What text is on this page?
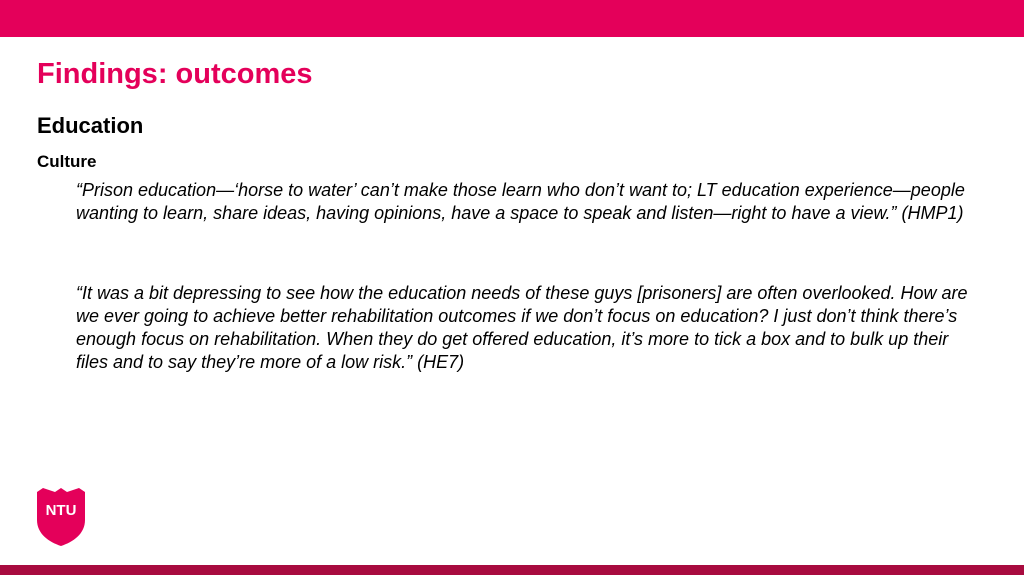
Findings: outcomes
Education
Culture

“Prison education—‘horse to water’ can’t make those learn who don’t want to; LT education experience—people wanting to learn, share ideas, having opinions, have a space to speak and listen—right to have a view.” (HMP1)

“It was a bit depressing to see how the education needs of these guys [prisoners] are often overlooked. How are we ever going to achieve better rehabilitation outcomes if we don’t focus on education? I just don’t think there’s enough focus on rehabilitation. When they do get offered education, it’s more to tick a box and to bulk up their files and to say they’re more of a low risk.” (HE7)

NTU
